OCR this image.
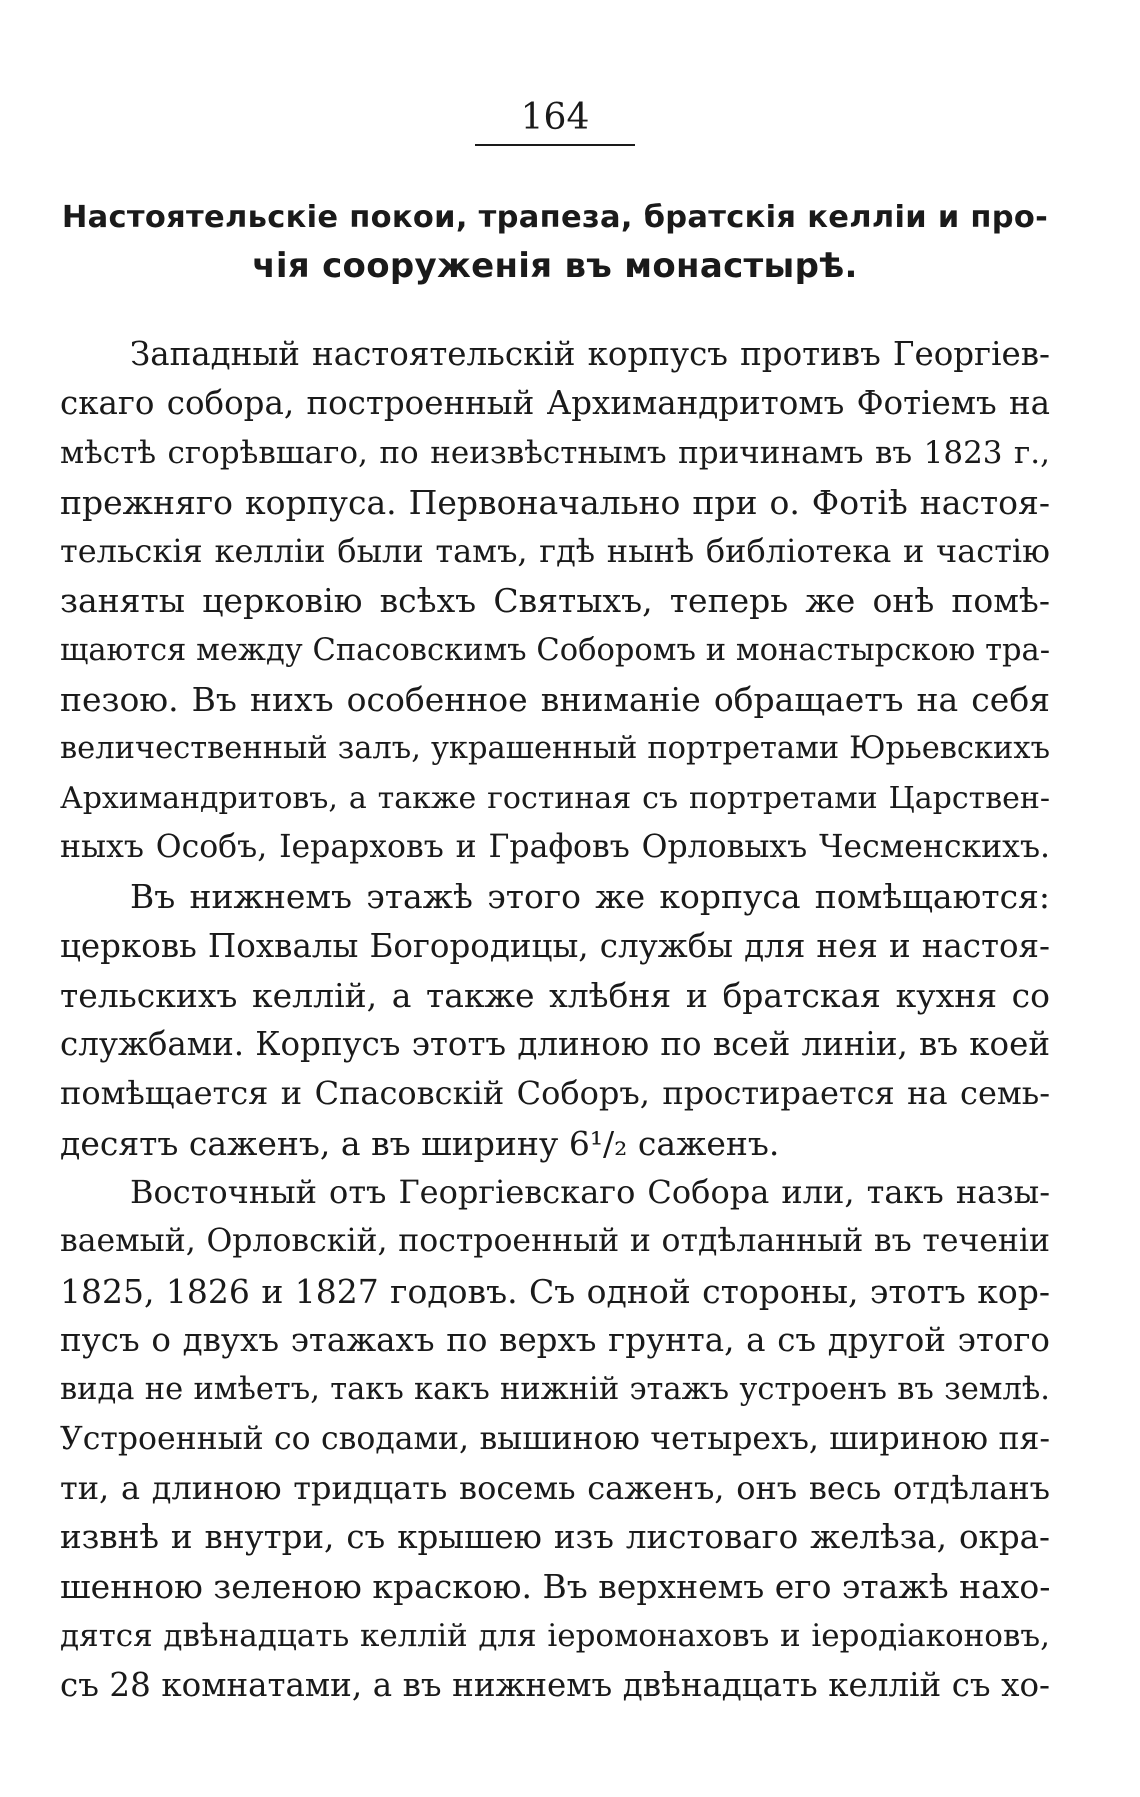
164
Настоятельскіе покои, трапеза, братскія келліи и про-
чія сооруженія въ монастырѣ.

Западный настоятельскій корпусъ противъ Георгіев-
скаго собора, построенный Архимандритомъ Фотіемъ на
мѣстѣ сгорѣвшаго, по неизвѣстнымъ причинамъ въ 1823 г.,
прежняго корпуса. Первоначально при о. Фотіѣ настоя-
тельскія келліи были тамъ, гдѣ нынѣ библіотека и частію
заняты церковію всѣхъ Святыхъ, теперь же онѣ помѣ-
щаются между Спасовскимъ Соборомъ и монастырскою тра-
пезою. Въ нихъ особенное вниманіе обращаетъ на себя
величественный залъ, украшенный портретами Юрьевскихъ
Архимандритовъ, а также гостиная съ портретами Царствен-
ныхъ Особъ, Іерарховъ и Графовъ Орловыхъ Чесменскихъ.

Въ нижнемъ этажѣ этого же корпуса помѣщаются:
церковь Похвалы Богородицы, службы для нея и настоя-
тельскихъ келлій, а также хлѣбня и братская кухня со
службами. Корпусъ этотъ длиною по всей линіи, въ коей
помѣщается и Спасовскій Соборъ, простирается на семь-
десятъ саженъ, а въ ширину 6¹/₂ саженъ.

Восточный отъ Георгіевскаго Собора или, такъ назы-
ваемый, Орловскій, построенный и отдѣланный въ теченіи
1825, 1826 и 1827 годовъ. Съ одной стороны, этотъ кор-
пусъ о двухъ этажахъ по верхъ грунта, а съ другой этого
вида не имѣетъ, такъ какъ нижній этажъ устроенъ въ землѣ.
Устроенный со сводами, вышиною четырехъ, шириною пя-
ти, а длиною тридцать восемь саженъ, онъ весь отдѣланъ
извнѣ и внутри, съ крышею изъ листоваго желѣза, окра-
шенною зеленою краскою. Въ верхнемъ его этажѣ нахо-
дятся двѣнадцать келлій для іеромонаховъ и іеродіаконовъ,
съ 28 комнатами, а въ нижнемъ двѣнадцать келлій съ хо-
